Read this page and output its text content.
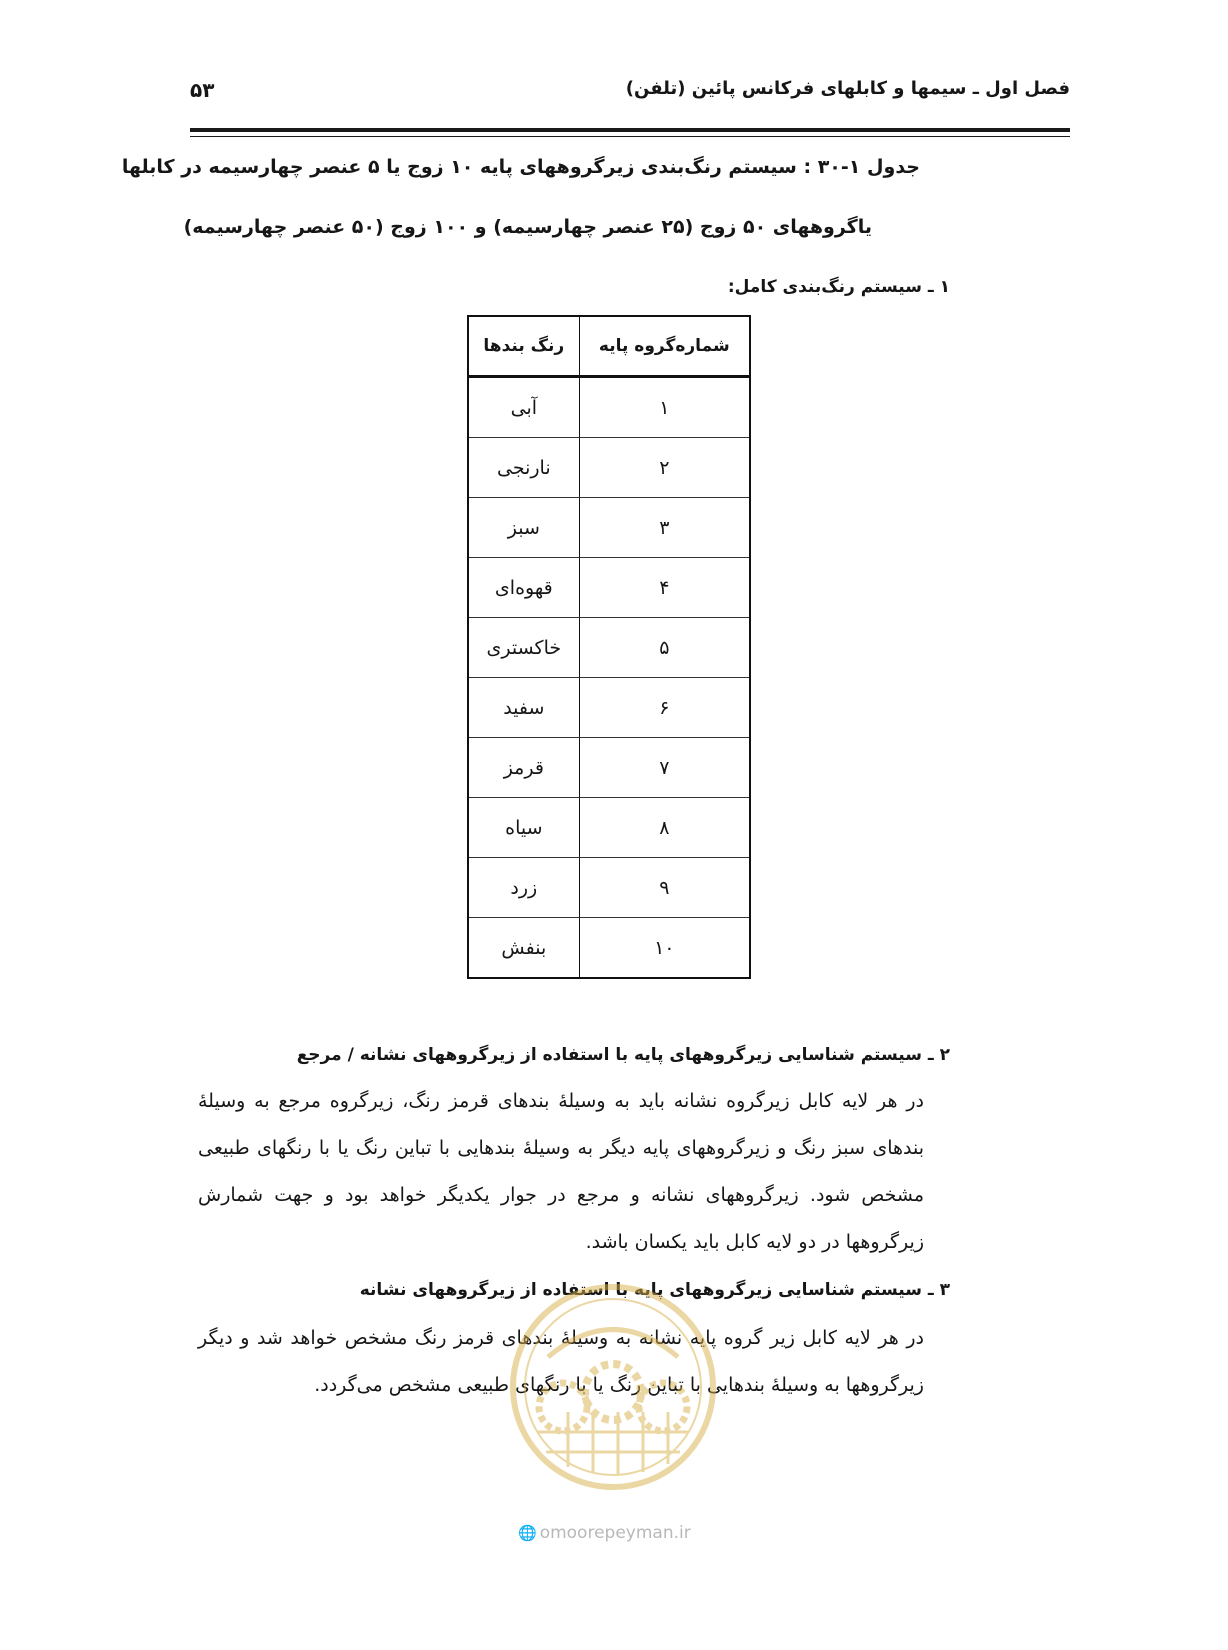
فصل اول ـ سیمها و کابلهای فرکانس پائین (تلفن)
۵۳
جدول ۱-۳۰ : سیستم رنگ‌بندی زیرگروههای پایه ۱۰ زوج یا ۵ عنصر چهارسیمه در کابلها
یاگروههای ۵۰ زوج (۲۵ عنصر چهارسیمه) و ۱۰۰ زوج (۵۰ عنصر چهارسیمه)
۱ ـ سیستم رنگ‌بندی کامل:
شماره‌گروه پایه
رنگ بندها
۱
آبی
۲
نارنجی
۳
سبز
۴
قهوه‌ای
۵
خاکستری
۶
سفید
۷
قرمز
۸
سیاه
۹
زرد
۱۰
بنفش
۲ ـ سیستم شناسایی زیرگروههای پایه با استفاده از زیرگروههای نشانه / مرجع

در هر لایه کابل زیرگروه نشانه باید به وسیلهٔ بندهای قرمز رنگ، زیرگروه مرجع به وسیلهٔ بندهای سبز رنگ و زیرگروههای پایه دیگر به وسیلهٔ بندهایی با تباین رنگ یا با رنگهای طبیعی مشخص شود. زیرگروههای نشانه و مرجع در جوار یکدیگر خواهد بود و جهت شمارش زیرگروهها در دو لایه کابل باید یکسان باشد.

۳ ـ سیستم شناسایی زیرگروههای پایه با استفاده از زیرگروههای نشانه

در هر لایه کابل زیر گروه پایه نشانه به وسیلهٔ بندهای قرمز رنگ مشخص خواهد شد و دیگر زیرگروهها به وسیلهٔ بندهایی با تباین رنگ یا با رنگهای طبیعی مشخص می‌گردد.

🌐 omoorepeyman.ir
